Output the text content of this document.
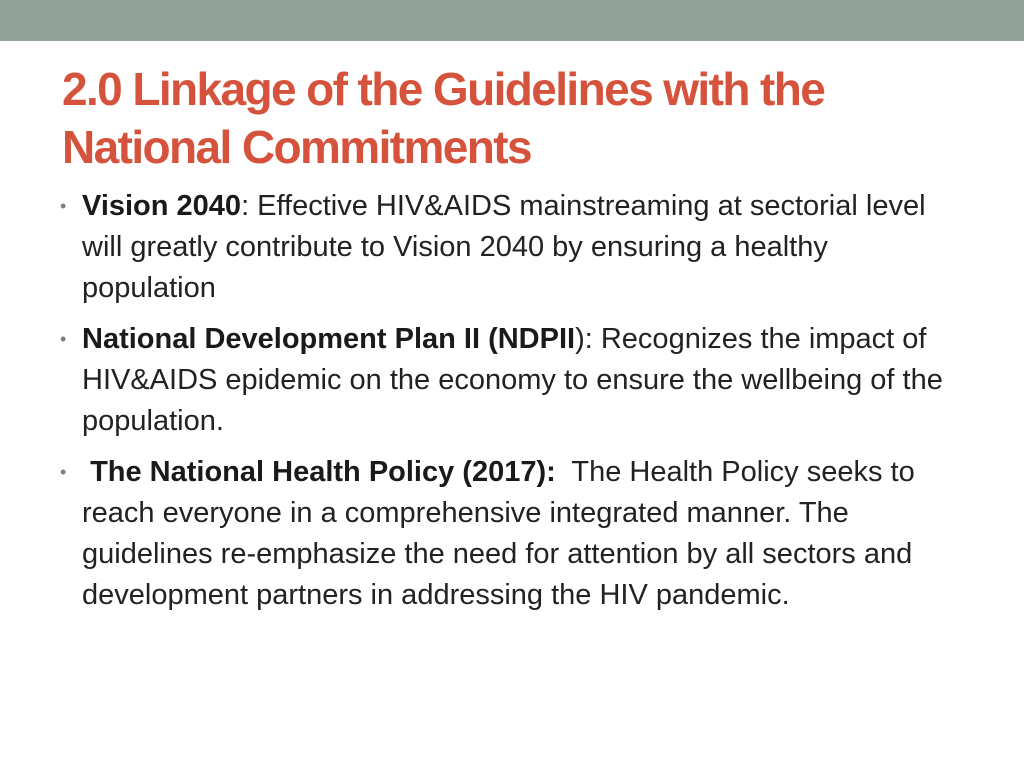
2.0 Linkage of the Guidelines with the National Commitments
• Vision 2040: Effective HIV&AIDS mainstreaming at sectorial level will greatly contribute to Vision 2040 by ensuring a healthy population
• National Development Plan II (NDPII): Recognizes the impact of HIV&AIDS epidemic on the economy to ensure the wellbeing of the population.
• The National Health Policy (2017): The Health Policy seeks to reach everyone in a comprehensive integrated manner. The guidelines re-emphasize the need for attention by all sectors and development partners in addressing the HIV pandemic.
